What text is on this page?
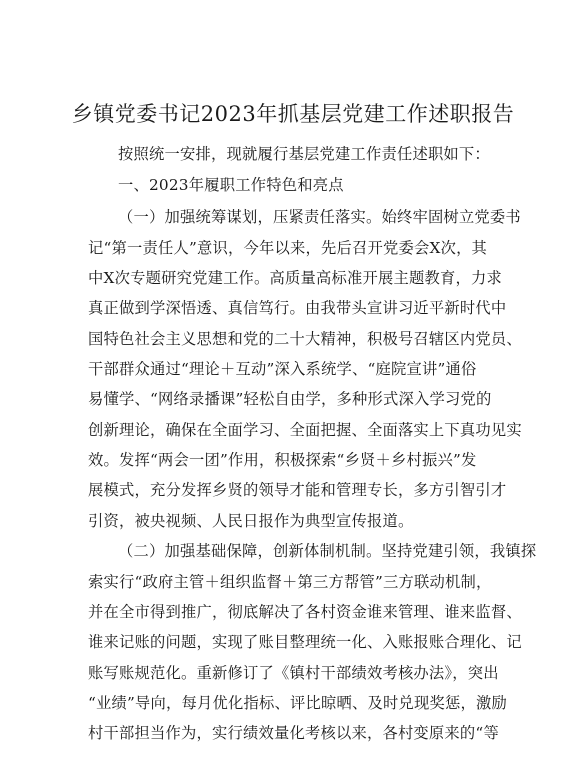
乡镇党委书记2023年抓基层党建工作述职报告
按照统一安排，现就履行基层党建工作责任述职如下：
一、2023年履职工作特色和亮点
（一）加强统筹谋划，压紧责任落实。始终牢固树立党委书
记“第一责任人”意识，今年以来，先后召开党委会X次，其
中X次专题研究党建工作。高质量高标准开展主题教育，力求
真正做到学深悟透、真信笃行。由我带头宣讲习近平新时代中
国特色社会主义思想和党的二十大精神，积极号召辖区内党员、
干部群众通过“理论＋互动”深入系统学、“庭院宣讲”通俗
易懂学、“网络录播课”轻松自由学，多种形式深入学习党的
创新理论，确保在全面学习、全面把握、全面落实上下真功见实
效。发挥“两会一团”作用，积极探索“乡贤＋乡村振兴”发
展模式，充分发挥乡贤的领导才能和管理专长，多方引智引才
引资，被央视频、人民日报作为典型宣传报道。
（二）加强基础保障，创新体制机制。坚持党建引领，我镇探
索实行“政府主管＋组织监督＋第三方帮管”三方联动机制，
并在全市得到推广，彻底解决了各村资金谁来管理、谁来监督、
谁来记账的问题，实现了账目整理统一化、入账报账合理化、记
账写账规范化。重新修订了《镇村干部绩效考核办法》，突出
“业绩”导向，每月优化指标、评比晾晒、及时兑现奖惩，激励
村干部担当作为，实行绩效量化考核以来，各村变原来的“等
